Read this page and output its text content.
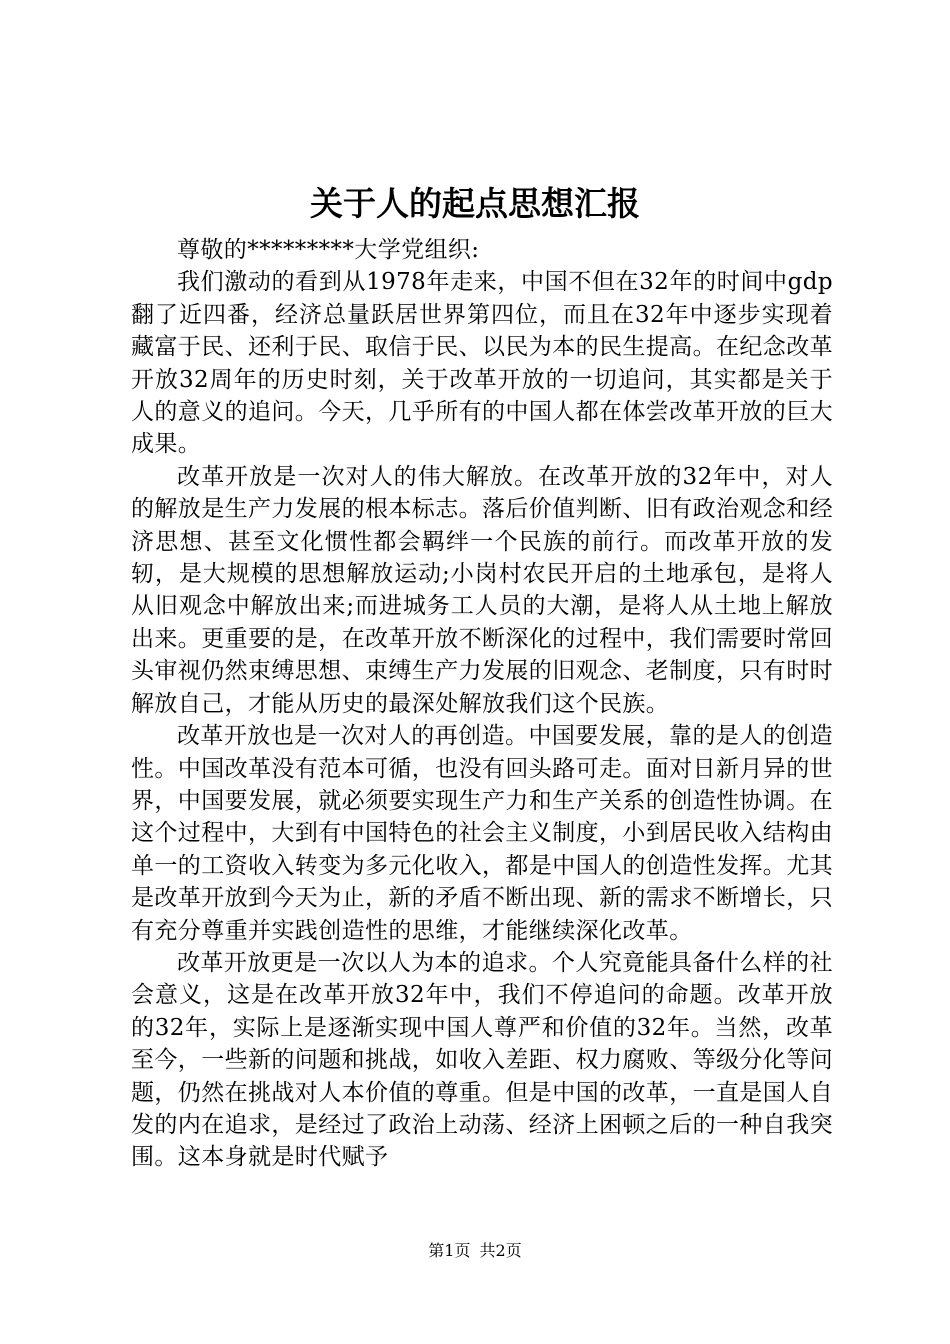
关于人的起点思想汇报

尊敬的*********大学党组织:

我们激动的看到从1978年走来，中国不但在32年的时间中gdp翻了近四番，经济总量跃居世界第四位，而且在32年中逐步实现着藏富于民、还利于民、取信于民、以民为本的民生提高。在纪念改革开放32周年的历史时刻，关于改革开放的一切追问，其实都是关于人的意义的追问。今天，几乎所有的中国人都在体尝改革开放的巨大成果。

改革开放是一次对人的伟大解放。在改革开放的32年中，对人的解放是生产力发展的根本标志。落后价值判断、旧有政治观念和经济思想、甚至文化惯性都会羁绊一个民族的前行。而改革开放的发轫，是大规模的思想解放运动;小岗村农民开启的土地承包，是将人从旧观念中解放出来;而进城务工人员的大潮，是将人从土地上解放出来。更重要的是，在改革开放不断深化的过程中，我们需要时常回头审视仍然束缚思想、束缚生产力发展的旧观念、老制度，只有时时解放自己，才能从历史的最深处解放我们这个民族。

改革开放也是一次对人的再创造。中国要发展，靠的是人的创造性。中国改革没有范本可循，也没有回头路可走。面对日新月异的世界，中国要发展，就必须要实现生产力和生产关系的创造性协调。在这个过程中，大到有中国特色的社会主义制度，小到居民收入结构由单一的工资收入转变为多元化收入，都是中国人的创造性发挥。尤其是改革开放到今天为止，新的矛盾不断出现、新的需求不断增长，只有充分尊重并实践创造性的思维，才能继续深化改革。

改革开放更是一次以人为本的追求。个人究竟能具备什么样的社会意义，这是在改革开放32年中，我们不停追问的命题。改革开放的32年，实际上是逐渐实现中国人尊严和价值的32年。当然，改革至今，一些新的问题和挑战，如收入差距、权力腐败、等级分化等问题，仍然在挑战对人本价值的尊重。但是中国的改革，一直是国人自发的内在追求，是经过了政治上动荡、经济上困顿之后的一种自我突围。这本身就是时代赋予

第1页 共2页
